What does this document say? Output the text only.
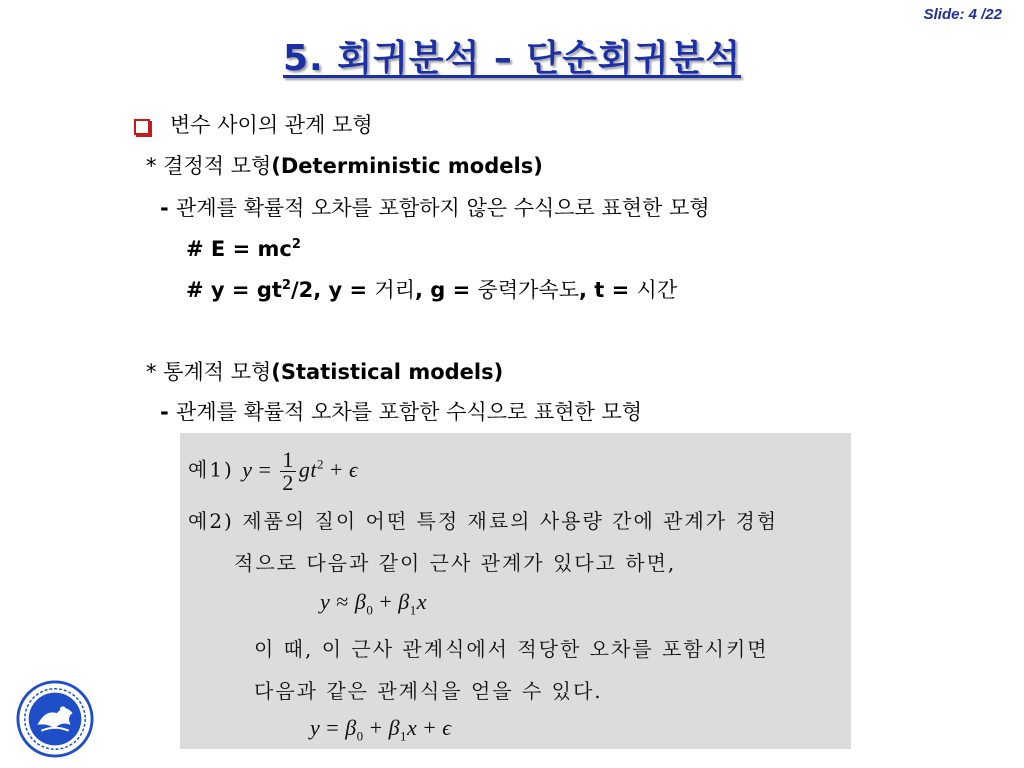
Slide: 4 /22
5. 회귀분석 – 단순회귀분석
변수 사이의 관계 모형
* 결정적 모형(Deterministic models)
- 관계를 확률적 오차를 포함하지 않은 수식으로 표현한 모형
# $E = mc^2$
# $y = gt^2/2$, y = 거리, g = 중력가속도, t = 시간
* 통계적 모형(Statistical models)
- 관계를 확률적 오차를 포함한 수식으로 표현한 모형
예1) $y = \frac{1}{2} gt^2 + \epsilon$
예2) 제품의 질이 어떤 특정 재료의 사용량 간에 관계가 경험
적으로 다음과 같이 근사 관계가 있다고 하면,
$y \approx \beta_0 + \beta_1x$
이 때, 이 근사 관계식에서 적당한 오차를 포함시키면
다음과 같은 관계식을 얻을 수 있다.
$y = \beta_0 + \beta_1x + \epsilon$
